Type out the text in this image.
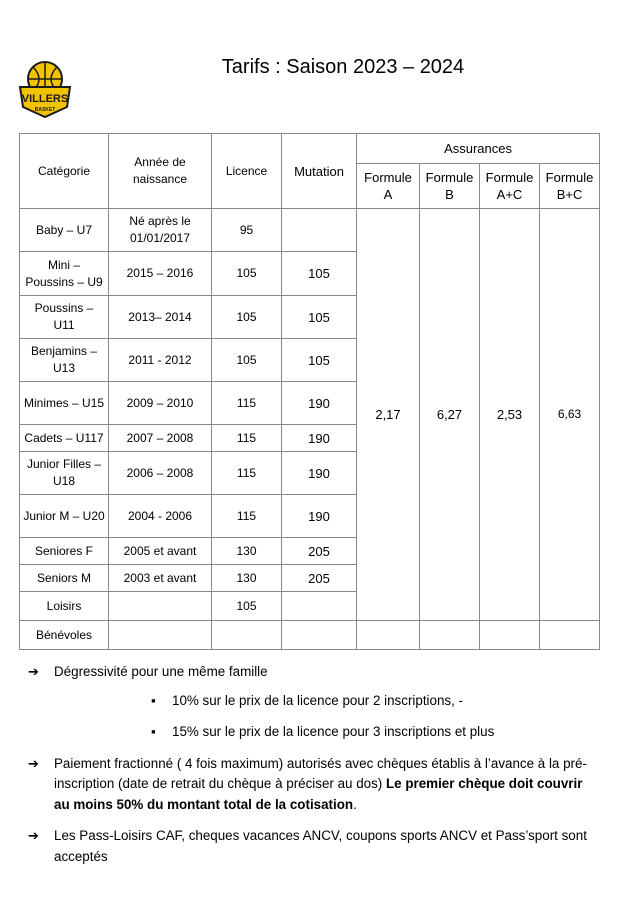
VILLERS
BASKET
Tarifs : Saison 2023 – 2024
Catégorie	Année de naissance	Licence	Mutation	Assurances			
				Formule A	Formule B	Formule A+C	Formule B+C
Baby – U7	Né après le 01/01/2017	95		2,17	6,27	2,53	6,63
Mini – Poussins – U9	2015 – 2016	105	105				
Poussins – U11	2013– 2014	105	105				
Benjamins – U13	2011 - 2012	105	105				
Minimes – U15	2009 – 2010	115	190				
Cadets – U117	2007 – 2008	115	190				
Junior Filles – U18	2006 – 2008	115	190				
Junior M – U20	2004 - 2006	115	190				
Seniores F	2005 et avant	130	205				
Seniors M	2003 et avant	130	205				
Loisirs		105					
Bénévoles							
➔ Dégressivité pour une même famille
▪ 10% sur le prix de la licence pour 2 inscriptions, -
▪ 15% sur le prix de la licence pour 3 inscriptions et plus
➔ Paiement fractionné ( 4 fois maximum) autorisés avec chèques établis à l’avance à la pré-inscription (date de retrait du chèque à préciser au dos) Le premier chèque doit couvrir au moins 50% du montant total de la cotisation.
➔ Les Pass-Loisirs CAF, cheques vacances ANCV, coupons sports ANCV et Pass’sport sont acceptés
